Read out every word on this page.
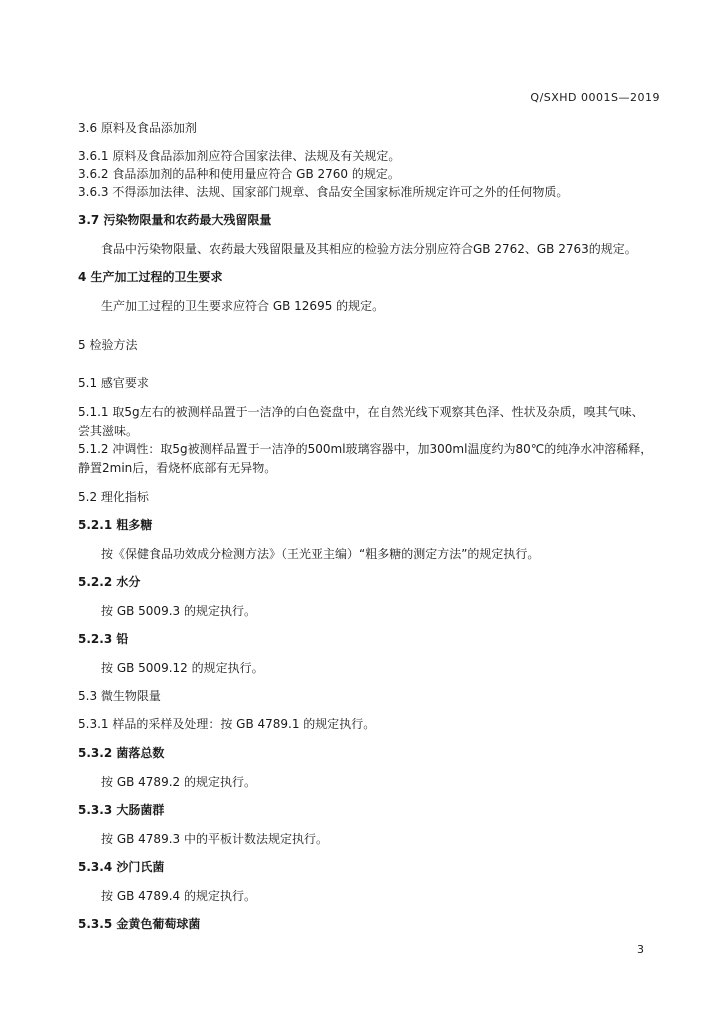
Q/SXHD 0001S—2019
3.6 原料及食品添加剂
3.6.1 原料及食品添加剂应符合国家法律、法规及有关规定。
3.6.2 食品添加剂的品种和使用量应符合 GB 2760 的规定。
3.6.3 不得添加法律、法规、国家部门规章、食品安全国家标准所规定许可之外的任何物质。
3.7 污染物限量和农药最大残留限量
食品中污染物限量、农药最大残留限量及其相应的检验方法分别应符合GB 2762、GB 2763的规定。
4 生产加工过程的卫生要求
生产加工过程的卫生要求应符合 GB 12695 的规定。
5 检验方法
5.1 感官要求
5.1.1 取5g左右的被测样品置于一洁净的白色瓷盘中，在自然光线下观察其色泽、性状及杂质，嗅其气味、
尝其滋味。
5.1.2 冲调性：取5g被测样品置于一洁净的500ml玻璃容器中，加300ml温度约为80℃的纯净水冲溶稀释，
静置2min后，看烧杯底部有无异物。
5.2 理化指标
5.2.1 粗多糖
按《保健食品功效成分检测方法》（王光亚主编）“粗多糖的测定方法”的规定执行。
5.2.2 水分
按 GB 5009.3 的规定执行。
5.2.3 铅
按 GB 5009.12 的规定执行。
5.3 微生物限量
5.3.1 样品的采样及处理：按 GB 4789.1 的规定执行。
5.3.2 菌落总数
按 GB 4789.2 的规定执行。
5.3.3 大肠菌群
按 GB 4789.3 中的平板计数法规定执行。
5.3.4 沙门氏菌
按 GB 4789.4 的规定执行。
5.3.5 金黄色葡萄球菌
3
